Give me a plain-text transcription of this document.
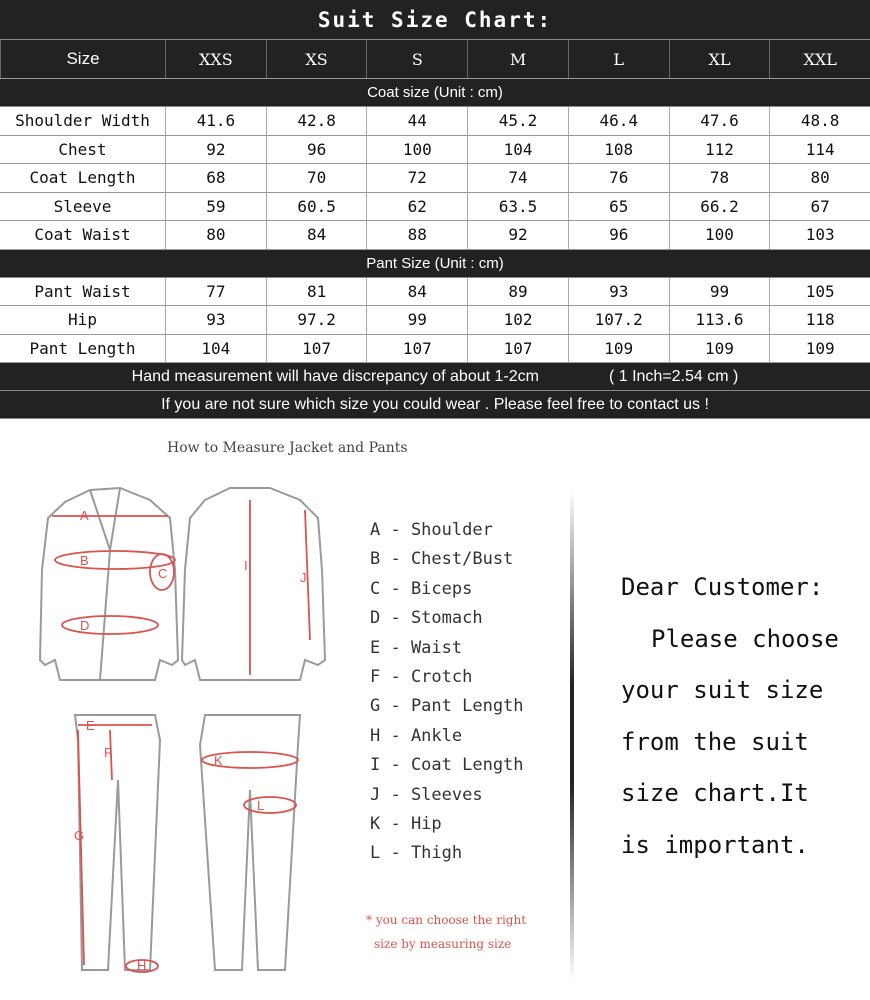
Suit Size Chart:
Size	XXS	XS	S	M	L	XL	XXL
Coat size (Unit : cm)
Shoulder Width	41.6	42.8	44	45.2	46.4	47.6	48.8
Chest	92	96	100	104	108	112	114
Coat Length	68	70	72	74	76	78	80
Sleeve	59	60.5	62	63.5	65	66.2	67
Coat Waist	80	84	88	92	96	100	103
Pant Size (Unit : cm)
Pant Waist	77	81	84	89	93	99	105
Hip	93	97.2	99	102	107.2	113.6	118
Pant Length	104	107	107	107	109	109	109
Hand measurement will have discrepancy of about 1-2cm	( 1 Inch=2.54 cm )
If you are not sure which size you could wear . Please feel free to contact us !
How to Measure Jacket and Pants
A
B
C
D
I
J
E
F
G
H
K
L
A - Shoulder
B - Chest/Bust
C - Biceps
D - Stomach
E - Waist
F - Crotch
G - Pant Length
H - Ankle
I - Coat Length
J - Sleeves
K - Hip
L - Thigh
* you can choose the right
size by measuring size
Dear Customer:
Please choose
your suit size
from the suit
size chart.It
is important.
